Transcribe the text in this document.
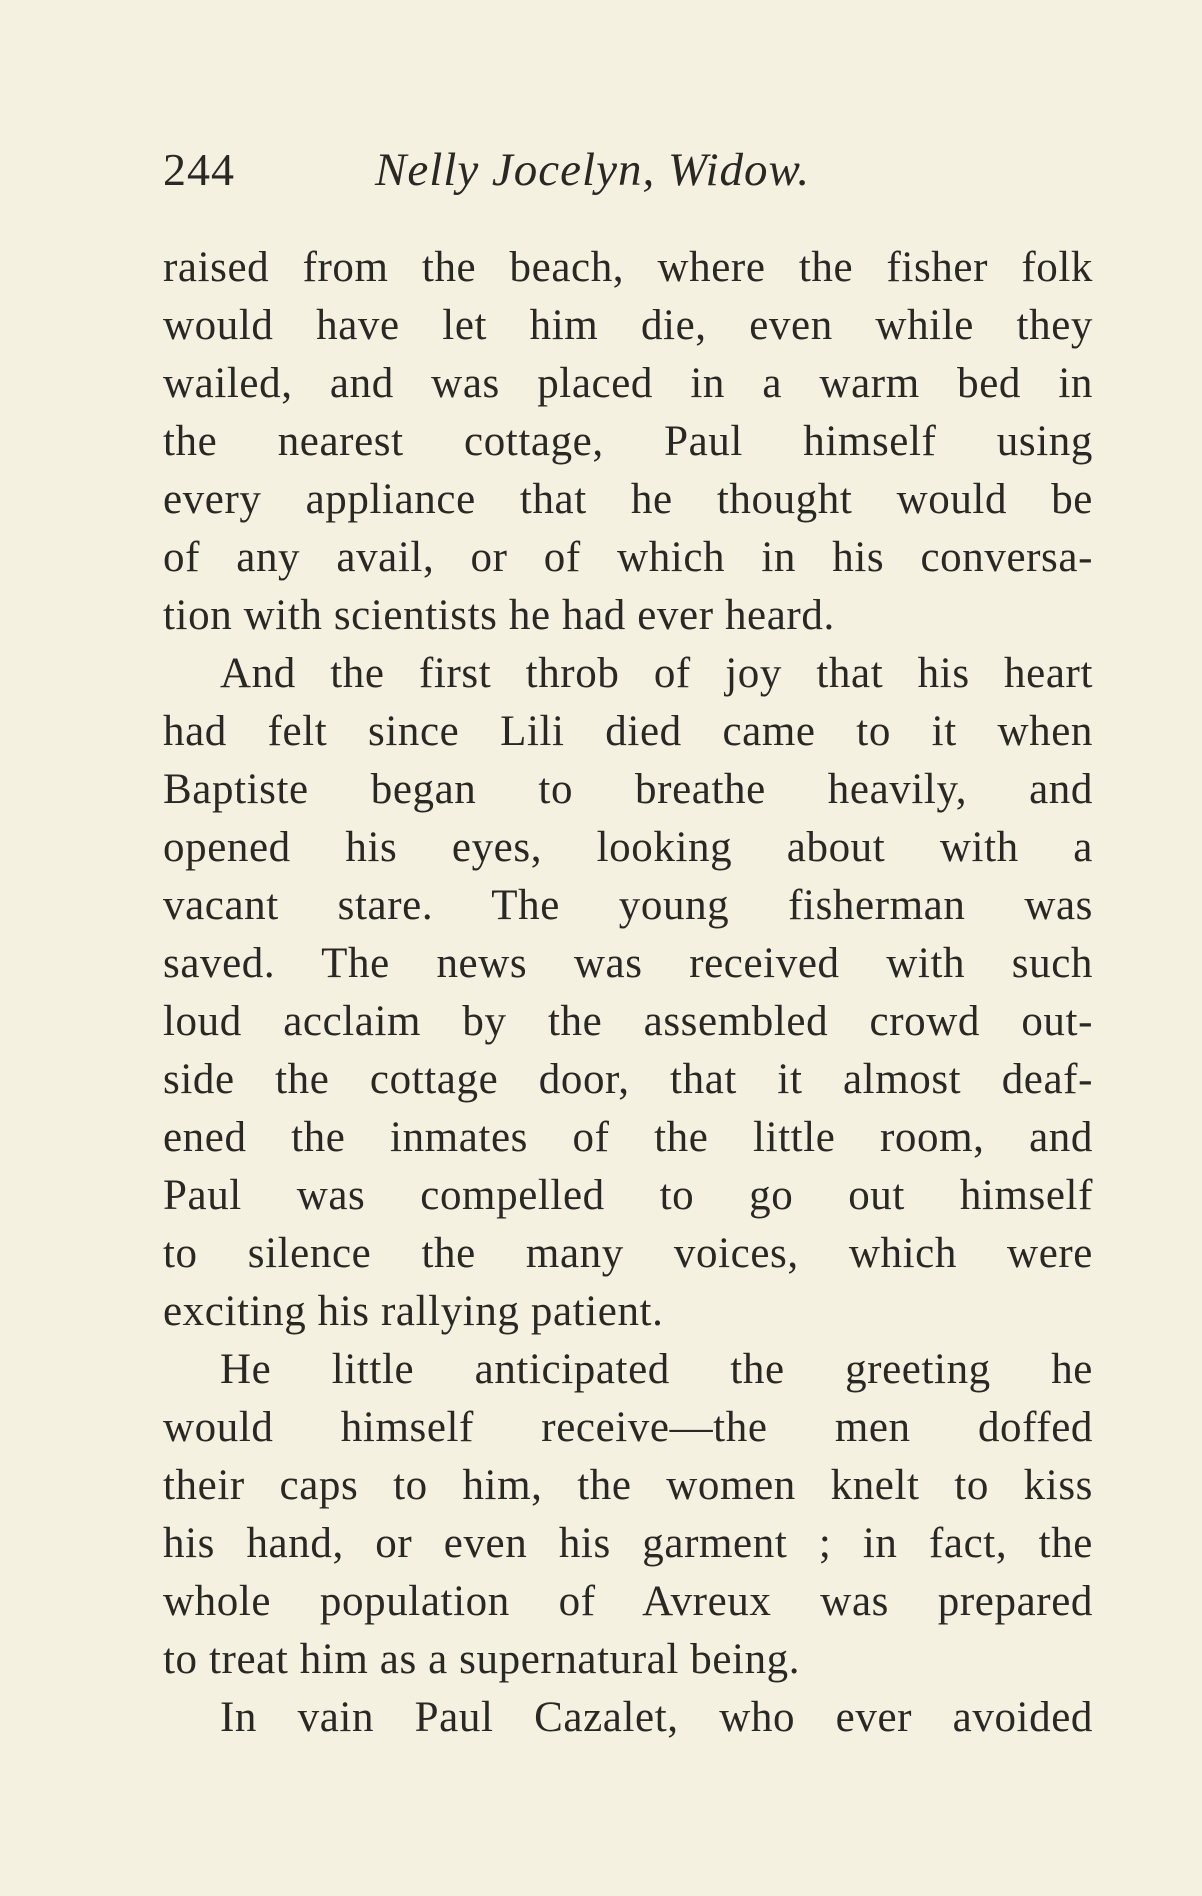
244	Nelly Jocelyn, Widow.
raised from the beach, where the fisher folk
would have let him die, even while they
wailed, and was placed in a warm bed in
the nearest cottage, Paul himself using
every appliance that he thought would be
of any avail, or of which in his conversa-
tion with scientists he had ever heard.
And the first throb of joy that his heart
had felt since Lili died came to it when
Baptiste began to breathe heavily, and
opened his eyes, looking about with a
vacant stare. The young fisherman was
saved. The news was received with such
loud acclaim by the assembled crowd out-
side the cottage door, that it almost deaf-
ened the inmates of the little room, and
Paul was compelled to go out himself
to silence the many voices, which were
exciting his rallying patient.
He little anticipated the greeting he
would himself receive—the men doffed
their caps to him, the women knelt to kiss
his hand, or even his garment ; in fact, the
whole population of Avreux was prepared
to treat him as a supernatural being.
In vain Paul Cazalet, who ever avoided
